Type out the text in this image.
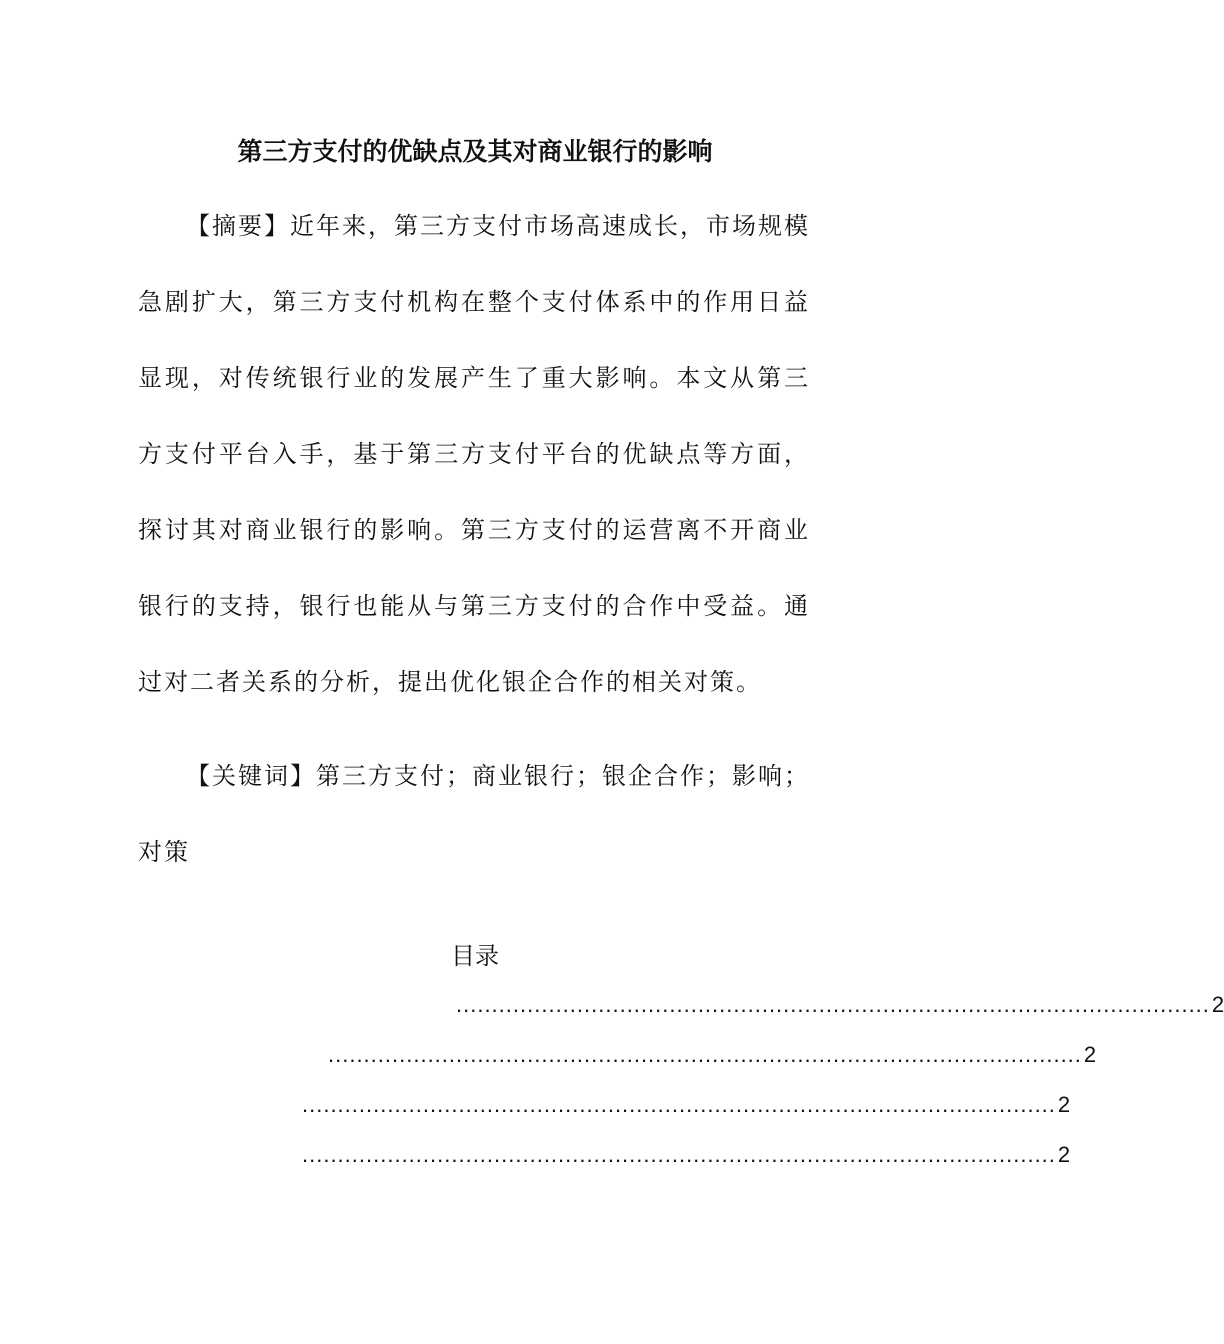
第三方支付的优缺点及其对商业银行的影响
【摘要】近年来，第三方支付市场高速成长，市场规模急剧扩大，第三方支付机构在整个支付体系中的作用日益显现，对传统银行业的发展产生了重大影响。本文从第三方支付平台入手，基于第三方支付平台的优缺点等方面，探讨其对商业银行的影响。第三方支付的运营离不开商业银行的支持，银行也能从与第三方支付的合作中受益。通过对二者关系的分析，提出优化银企合作的相关对策。
【关键词】第三方支付；商业银行；银企合作；影响；对策
目录
.......................................................................................................... 2
.......................................................................................................... 2
.......................................................................................................... 2
.......................................................................................................... 2
